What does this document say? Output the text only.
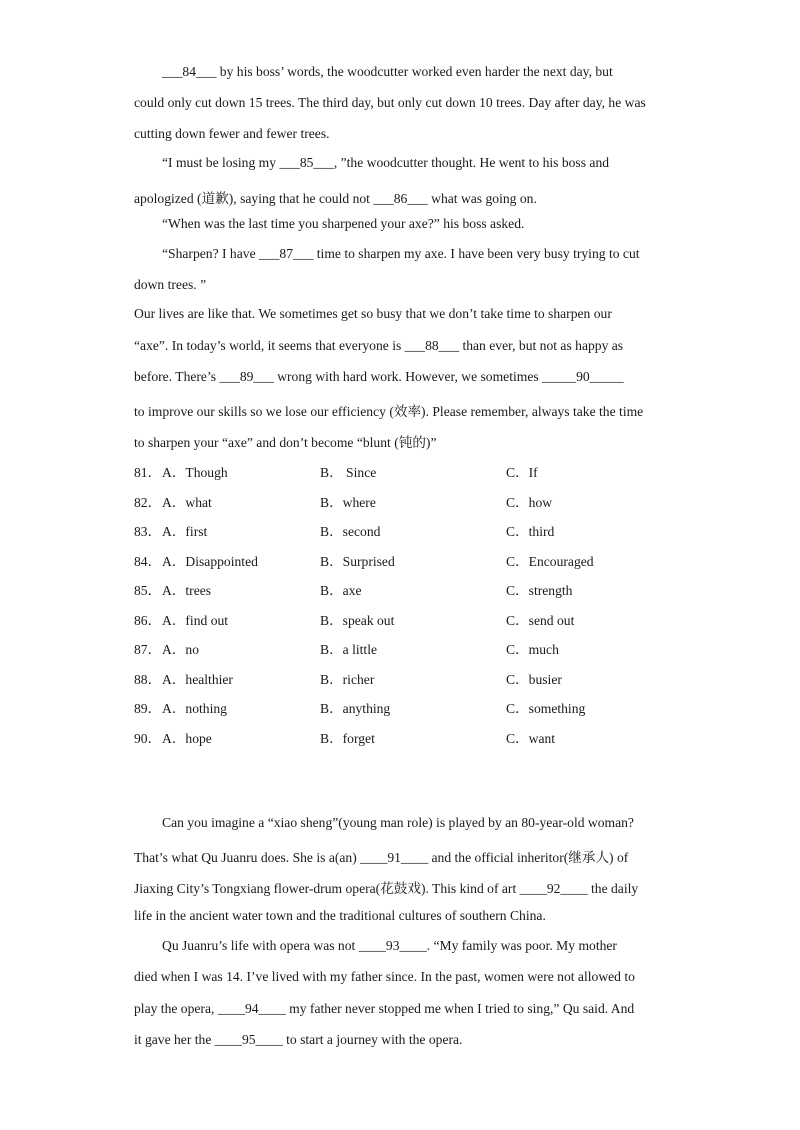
___84___ by his boss’ words, the woodcutter worked even harder the next day, but
could only cut down 15 trees. The third day, but only cut down 10 trees. Day after day, he was
cutting down fewer and fewer trees.
“I must be losing my ___85___, ”the woodcutter thought. He went to his boss and
apologized (道歉), saying that he could not ___86___ what was going on.
“When was the last time you sharpened your axe?” his boss asked.
“Sharpen? I have ___87___ time to sharpen my axe. I have been very busy trying to cut
down trees. ”
Our lives are like that. We sometimes get so busy that we don’t take time to sharpen our
“axe”. In today’s world, it seems that everyone is ___88___ than ever, but not as happy as
before. There’s ___89___ wrong with hard work. However, we sometimes _____90_____
to improve our skills so we lose our efficiency (效率). Please remember, always take the time
to sharpen your “axe” and don’t become “blunt (钝的)”
81． A．Though	B． Since	C．If
82． A．what	B．where	C．how
83． A．first	B．second	C．third
84． A．Disappointed	B．Surprised	C．Encouraged
85． A．trees	B．axe	C．strength
86． A．find out	B．speak out	C．send out
87． A．no	B．a little	C．much
88． A．healthier	B．richer	C．busier
89． A．nothing	B．anything	C．something
90． A．hope	B．forget	C．want
Can you imagine a “xiao sheng”(young man role) is played by an 80-year-old woman?
That’s what Qu Juanru does. She is a(an) ____91____ and the official inheritor(继承人) of
Jiaxing City’s Tongxiang flower-drum opera(花鼓戏). This kind of art ____92____ the daily
life in the ancient water town and the traditional cultures of southern China.
Qu Juanru’s life with opera was not ____93____. “My family was poor. My mother
died when I was 14. I’ve lived with my father since. In the past, women were not allowed to
play the opera, ____94____ my father never stopped me when I tried to sing,” Qu said. And
it gave her the ____95____ to start a journey with the opera.
